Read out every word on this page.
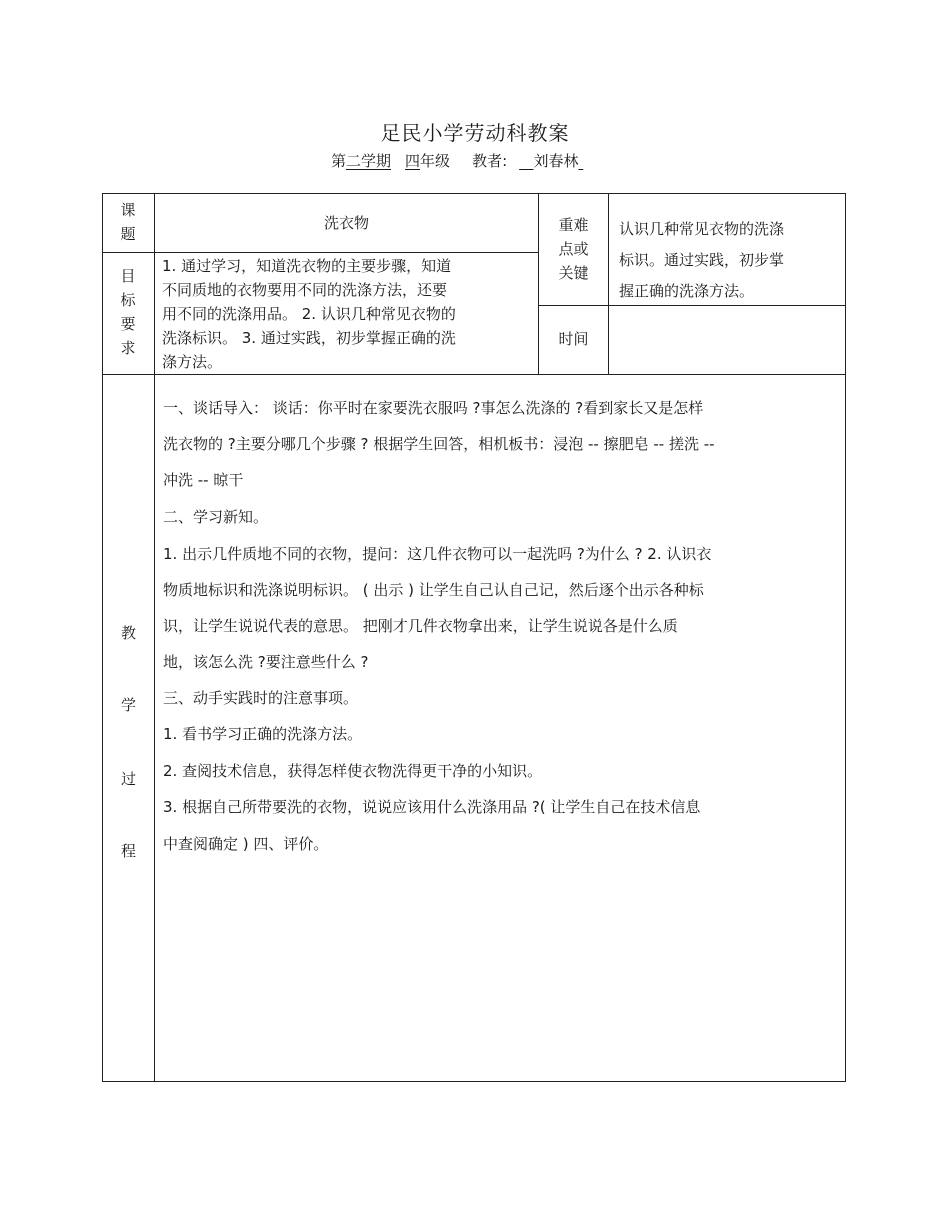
足民小学劳动科教案
第二学期 四年级 教者: 刘春林
课
题
洗衣物
目
标
要
求
1. 通过学习，知道洗衣物的主要步骤，知道
不同质地的衣物要用不同的洗涤方法，还要
用不同的洗涤用品。 2. 认识几种常见衣物的
洗涤标识。 3. 通过实践，初步掌握正确的洗
涤方法。
重难
点或
关键
认识几种常见衣物的洗涤
标识。通过实践，初步掌
握正确的洗涤方法。
时间
教
学
过
程
一、谈话导入： 谈话：你平时在家要洗衣服吗 ?事怎么洗涤的 ?看到家长又是怎样
洗衣物的 ?主要分哪几个步骤 ? 根据学生回答，相机板书：浸泡 -- 擦肥皂 -- 搓洗 --
冲洗 -- 晾干
二、学习新知。
1. 出示几件质地不同的衣物，提问：这几件衣物可以一起洗吗 ?为什么 ? 2. 认识衣
物质地标识和洗涤说明标识。 ( 出示 ) 让学生自己认自己记，然后逐个出示各种标
识，让学生说说代表的意思。 把刚才几件衣物拿出来，让学生说说各是什么质
地，该怎么洗 ?要注意些什么 ?
三、动手实践时的注意事项。
1. 看书学习正确的洗涤方法。
2. 查阅技术信息，获得怎样使衣物洗得更干净的小知识。
3. 根据自己所带要洗的衣物，说说应该用什么洗涤用品 ?( 让学生自己在技术信息
中查阅确定 ) 四、评价。
